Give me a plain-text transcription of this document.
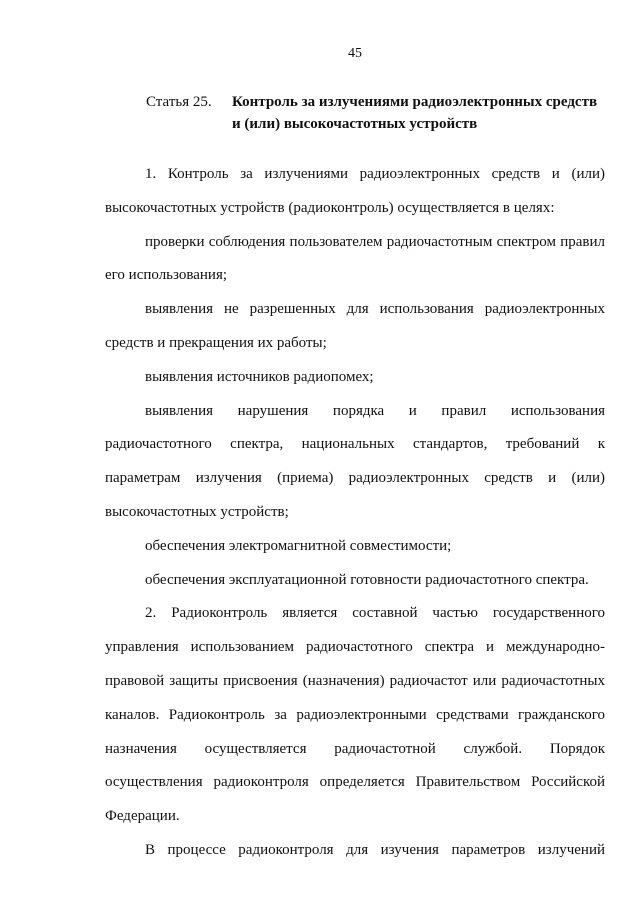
45
Статья 25.	Контроль за излучениями радиоэлектронных средств
и (или) высокочастотных устройств

1. Контроль за излучениями радиоэлектронных средств и (или)

высокочастотных устройств (радиоконтроль) осуществляется в целях:

проверки соблюдения пользователем радиочастотным спектром правил

его использования;

выявления не разрешенных для использования радиоэлектронных

средств и прекращения их работы;

выявления источников радиопомех;

выявления нарушения порядка и правил использования

радиочастотного спектра, национальных стандартов, требований к

параметрам излучения (приема) радиоэлектронных средств и (или)

высокочастотных устройств;

обеспечения электромагнитной совместимости;

обеспечения эксплуатационной готовности радиочастотного спектра.

2. Радиоконтроль является составной частью государственного

управления использованием радиочастотного спектра и международно-

правовой защиты присвоения (назначения) радиочастот или радиочастотных

каналов. Радиоконтроль за радиоэлектронными средствами гражданского

назначения осуществляется радиочастотной службой. Порядок

осуществления радиоконтроля определяется Правительством Российской

Федерации.

В процессе радиоконтроля для изучения параметров излучений
